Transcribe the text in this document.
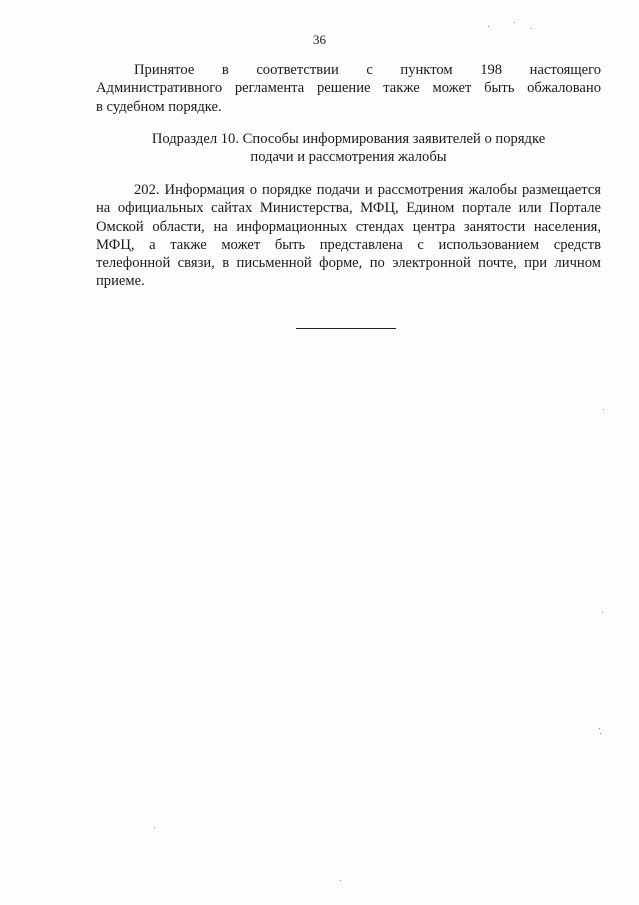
36

Принятое в соответствии с пунктом 198 настоящего
Административного регламента решение также может быть обжаловано
в судебном порядке.

Подраздел 10. Способы информирования заявителей о порядке
подачи и рассмотрения жалобы

202. Информация о порядке подачи и рассмотрения жалобы размещается
на официальных сайтах Министерства, МФЦ, Едином портале или Портале
Омской области, на информационных стендах центра занятости населения,
МФЦ, а также может быть представлена с использованием средств
телефонной связи, в письменной форме, по электронной почте, при личном
приеме.
